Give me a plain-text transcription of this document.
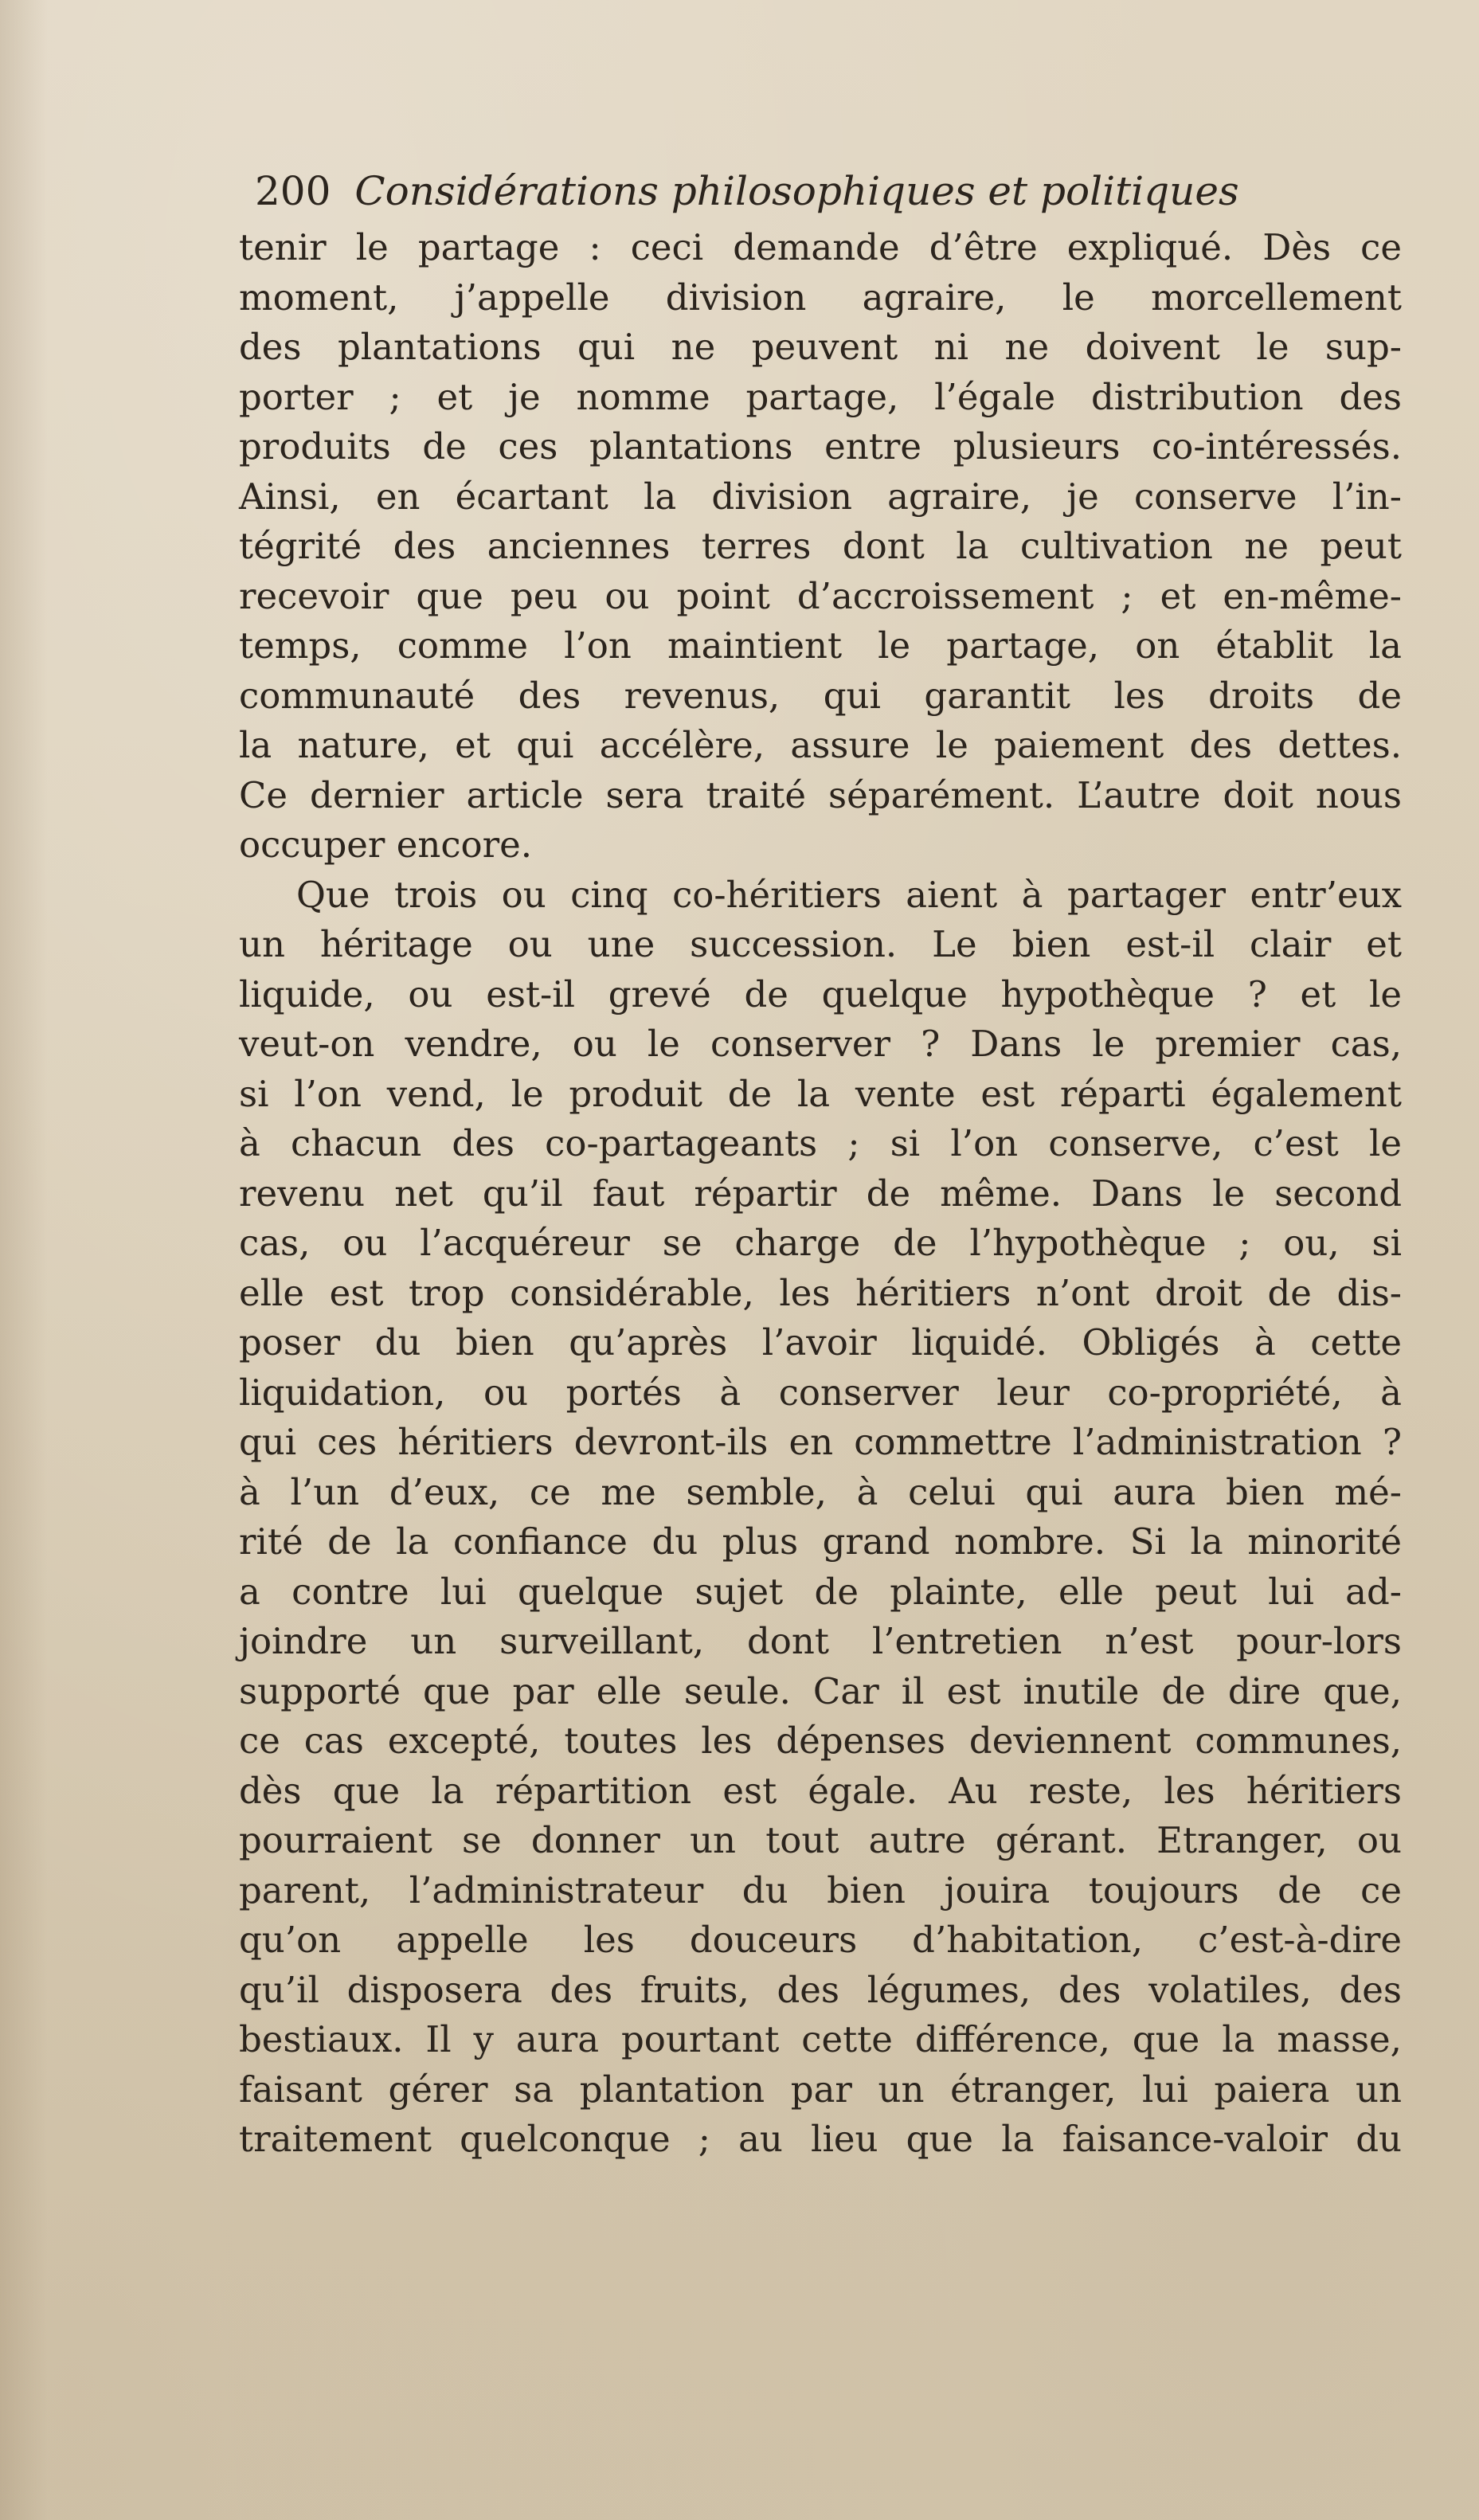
200 Considérations philosophiques et politiques
tenir le partage : ceci demande d’être expliqué. Dès ce
moment, j’appelle division agraire, le morcellement
des plantations qui ne peuvent ni ne doivent le sup-
porter ; et je nomme partage, l’égale distribution des
produits de ces plantations entre plusieurs co-intéressés.
Ainsi, en écartant la division agraire, je conserve l’in-
tégrité des anciennes terres dont la cultivation ne peut
recevoir que peu ou point d’accroissement ; et en-même-
temps, comme l’on maintient le partage, on établit la
communauté des revenus, qui garantit les droits de
la nature, et qui accélère, assure le paiement des dettes.
Ce dernier article sera traité séparément. L’autre doit nous
occuper encore.
Que trois ou cinq co-héritiers aient à partager entr’eux
un héritage ou une succession. Le bien est-il clair et
liquide, ou est-il grevé de quelque hypothèque ? et le
veut-on vendre, ou le conserver ? Dans le premier cas,
si l’on vend, le produit de la vente est réparti également
à chacun des co-partageants ; si l’on conserve, c’est le
revenu net qu’il faut répartir de même. Dans le second
cas, ou l’acquéreur se charge de l’hypothèque ; ou, si
elle est trop considérable, les héritiers n’ont droit de dis-
poser du bien qu’après l’avoir liquidé. Obligés à cette
liquidation, ou portés à conserver leur co-propriété, à
qui ces héritiers devront-ils en commettre l’administration ?
à l’un d’eux, ce me semble, à celui qui aura bien mé-
rité de la confiance du plus grand nombre. Si la minorité
a contre lui quelque sujet de plainte, elle peut lui ad-
joindre un surveillant, dont l’entretien n’est pour-lors
supporté que par elle seule. Car il est inutile de dire que,
ce cas excepté, toutes les dépenses deviennent communes,
dès que la répartition est égale. Au reste, les héritiers
pourraient se donner un tout autre gérant. Etranger, ou
parent, l’administrateur du bien jouira toujours de ce
qu’on appelle les douceurs d’habitation, c’est-à-dire
qu’il disposera des fruits, des légumes, des volatiles, des
bestiaux. Il y aura pourtant cette différence, que la masse,
faisant gérer sa plantation par un étranger, lui paiera un
traitement quelconque ; au lieu que la faisance-valoir du
